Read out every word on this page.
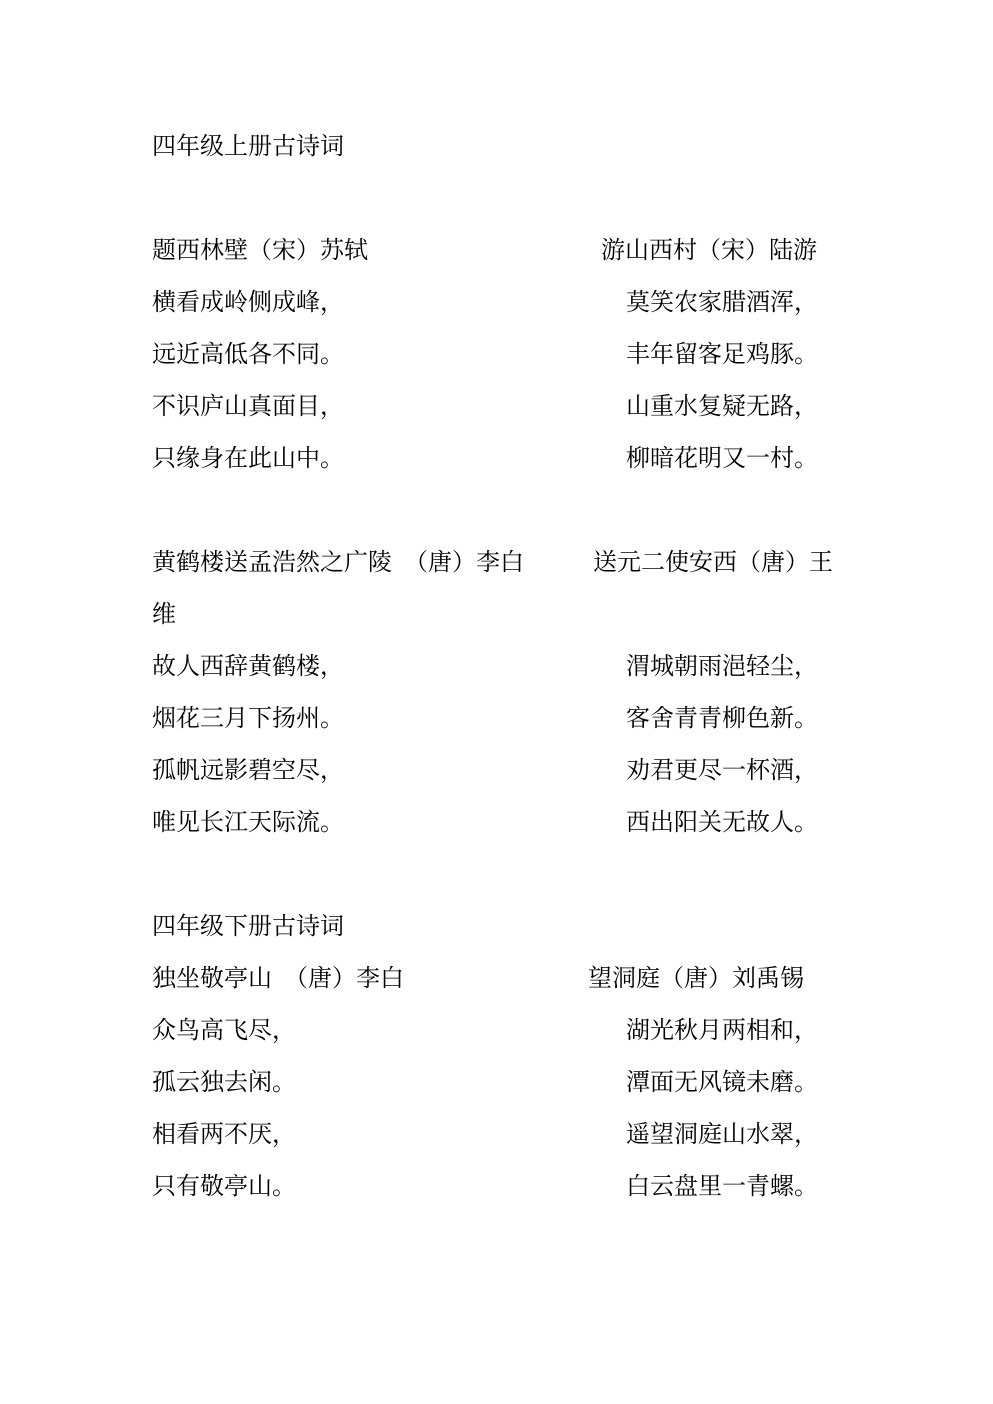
四年级上册古诗词

题西林壁（宋）苏轼	游山西村（宋）陆游

横看成岭侧成峰，	莫笑农家腊酒浑，

远近高低各不同。	丰年留客足鸡豚。

不识庐山真面目，	山重水复疑无路，

只缘身在此山中。	柳暗花明又一村。

黄鹤楼送孟浩然之广陵　（唐）李白	送元二使安西（唐）王

维

故人西辞黄鹤楼，	渭城朝雨浥轻尘，

烟花三月下扬州。	客舍青青柳色新。

孤帆远影碧空尽，	劝君更尽一杯酒，

唯见长江天际流。	西出阳关无故人。

四年级下册古诗词

独坐敬亭山　（唐）李白	望洞庭（唐）刘禹锡

众鸟高飞尽，	湖光秋月两相和，

孤云独去闲。	潭面无风镜未磨。

相看两不厌，	遥望洞庭山水翠，

只有敬亭山。	白云盘里一青螺。
